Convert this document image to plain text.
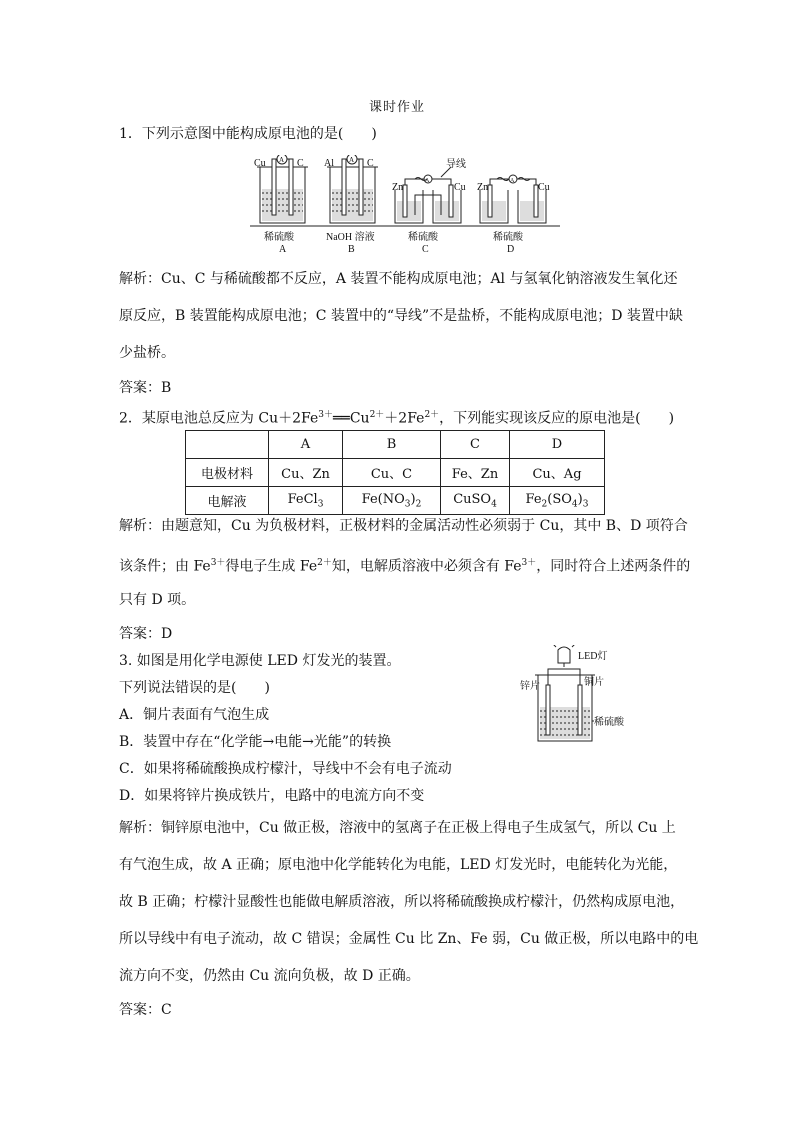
课时作业
1．下列示意图中能构成原电池的是(　　)
Cu A C
稀硫酸
A
Al A C
NaOH 溶液
B
Zn
A
Cu
导线
稀硫酸
C
Zn
A
Cu
稀硫酸
D
解析：Cu、C 与稀硫酸都不反应，A 装置不能构成原电池；Al 与氢氧化钠溶液发生氧化还
原反应，B 装置能构成原电池；C 装置中的“导线”不是盐桥，不能构成原电池；D 装置中缺
少盐桥。
答案：B
2．某原电池总反应为 $Cu+2Fe^{3+}══Cu^{2+}+2Fe^{2+}$，下列能实现该反应的原电池是(　　)
	A	B	C	D
电极材料	Cu、Zn	Cu、C	Fe、Zn	Cu、Ag
电解液	FeCl$_3$	$Fe(NO_3)_2$	CuSO$_4$	$Fe_2(SO_4)_3$
解析：由题意知，Cu 为负极材料，正极材料的金属活动性必须弱于 Cu，其中 B、D 项符合
该条件；由 $Fe^{3+}$得电子生成 $Fe^{2+}$知，电解质溶液中必须含有 $Fe^{3+}$，同时符合上述两条件的
只有 D 项。
答案：D
3. 如图是用化学电源使 LED 灯发光的装置。
下列说法错误的是(　　)
A．铜片表面有气泡生成
B．装置中存在“化学能→电能→光能”的转换
C．如果将稀硫酸换成柠檬汁，导线中不会有电子流动
D．如果将锌片换成铁片，电路中的电流方向不变
LED灯
锌片	铜片
稀硫酸
解析：铜锌原电池中，Cu 做正极，溶液中的氢离子在正极上得电子生成氢气，所以 Cu 上
有气泡生成，故 A 正确；原电池中化学能转化为电能，LED 灯发光时，电能转化为光能，
故 B 正确；柠檬汁显酸性也能做电解质溶液，所以将稀硫酸换成柠檬汁，仍然构成原电池，
所以导线中有电子流动，故 C 错误；金属性 Cu 比 Zn、Fe 弱，Cu 做正极，所以电路中的电
流方向不变，仍然由 Cu 流向负极，故 D 正确。
答案：C
